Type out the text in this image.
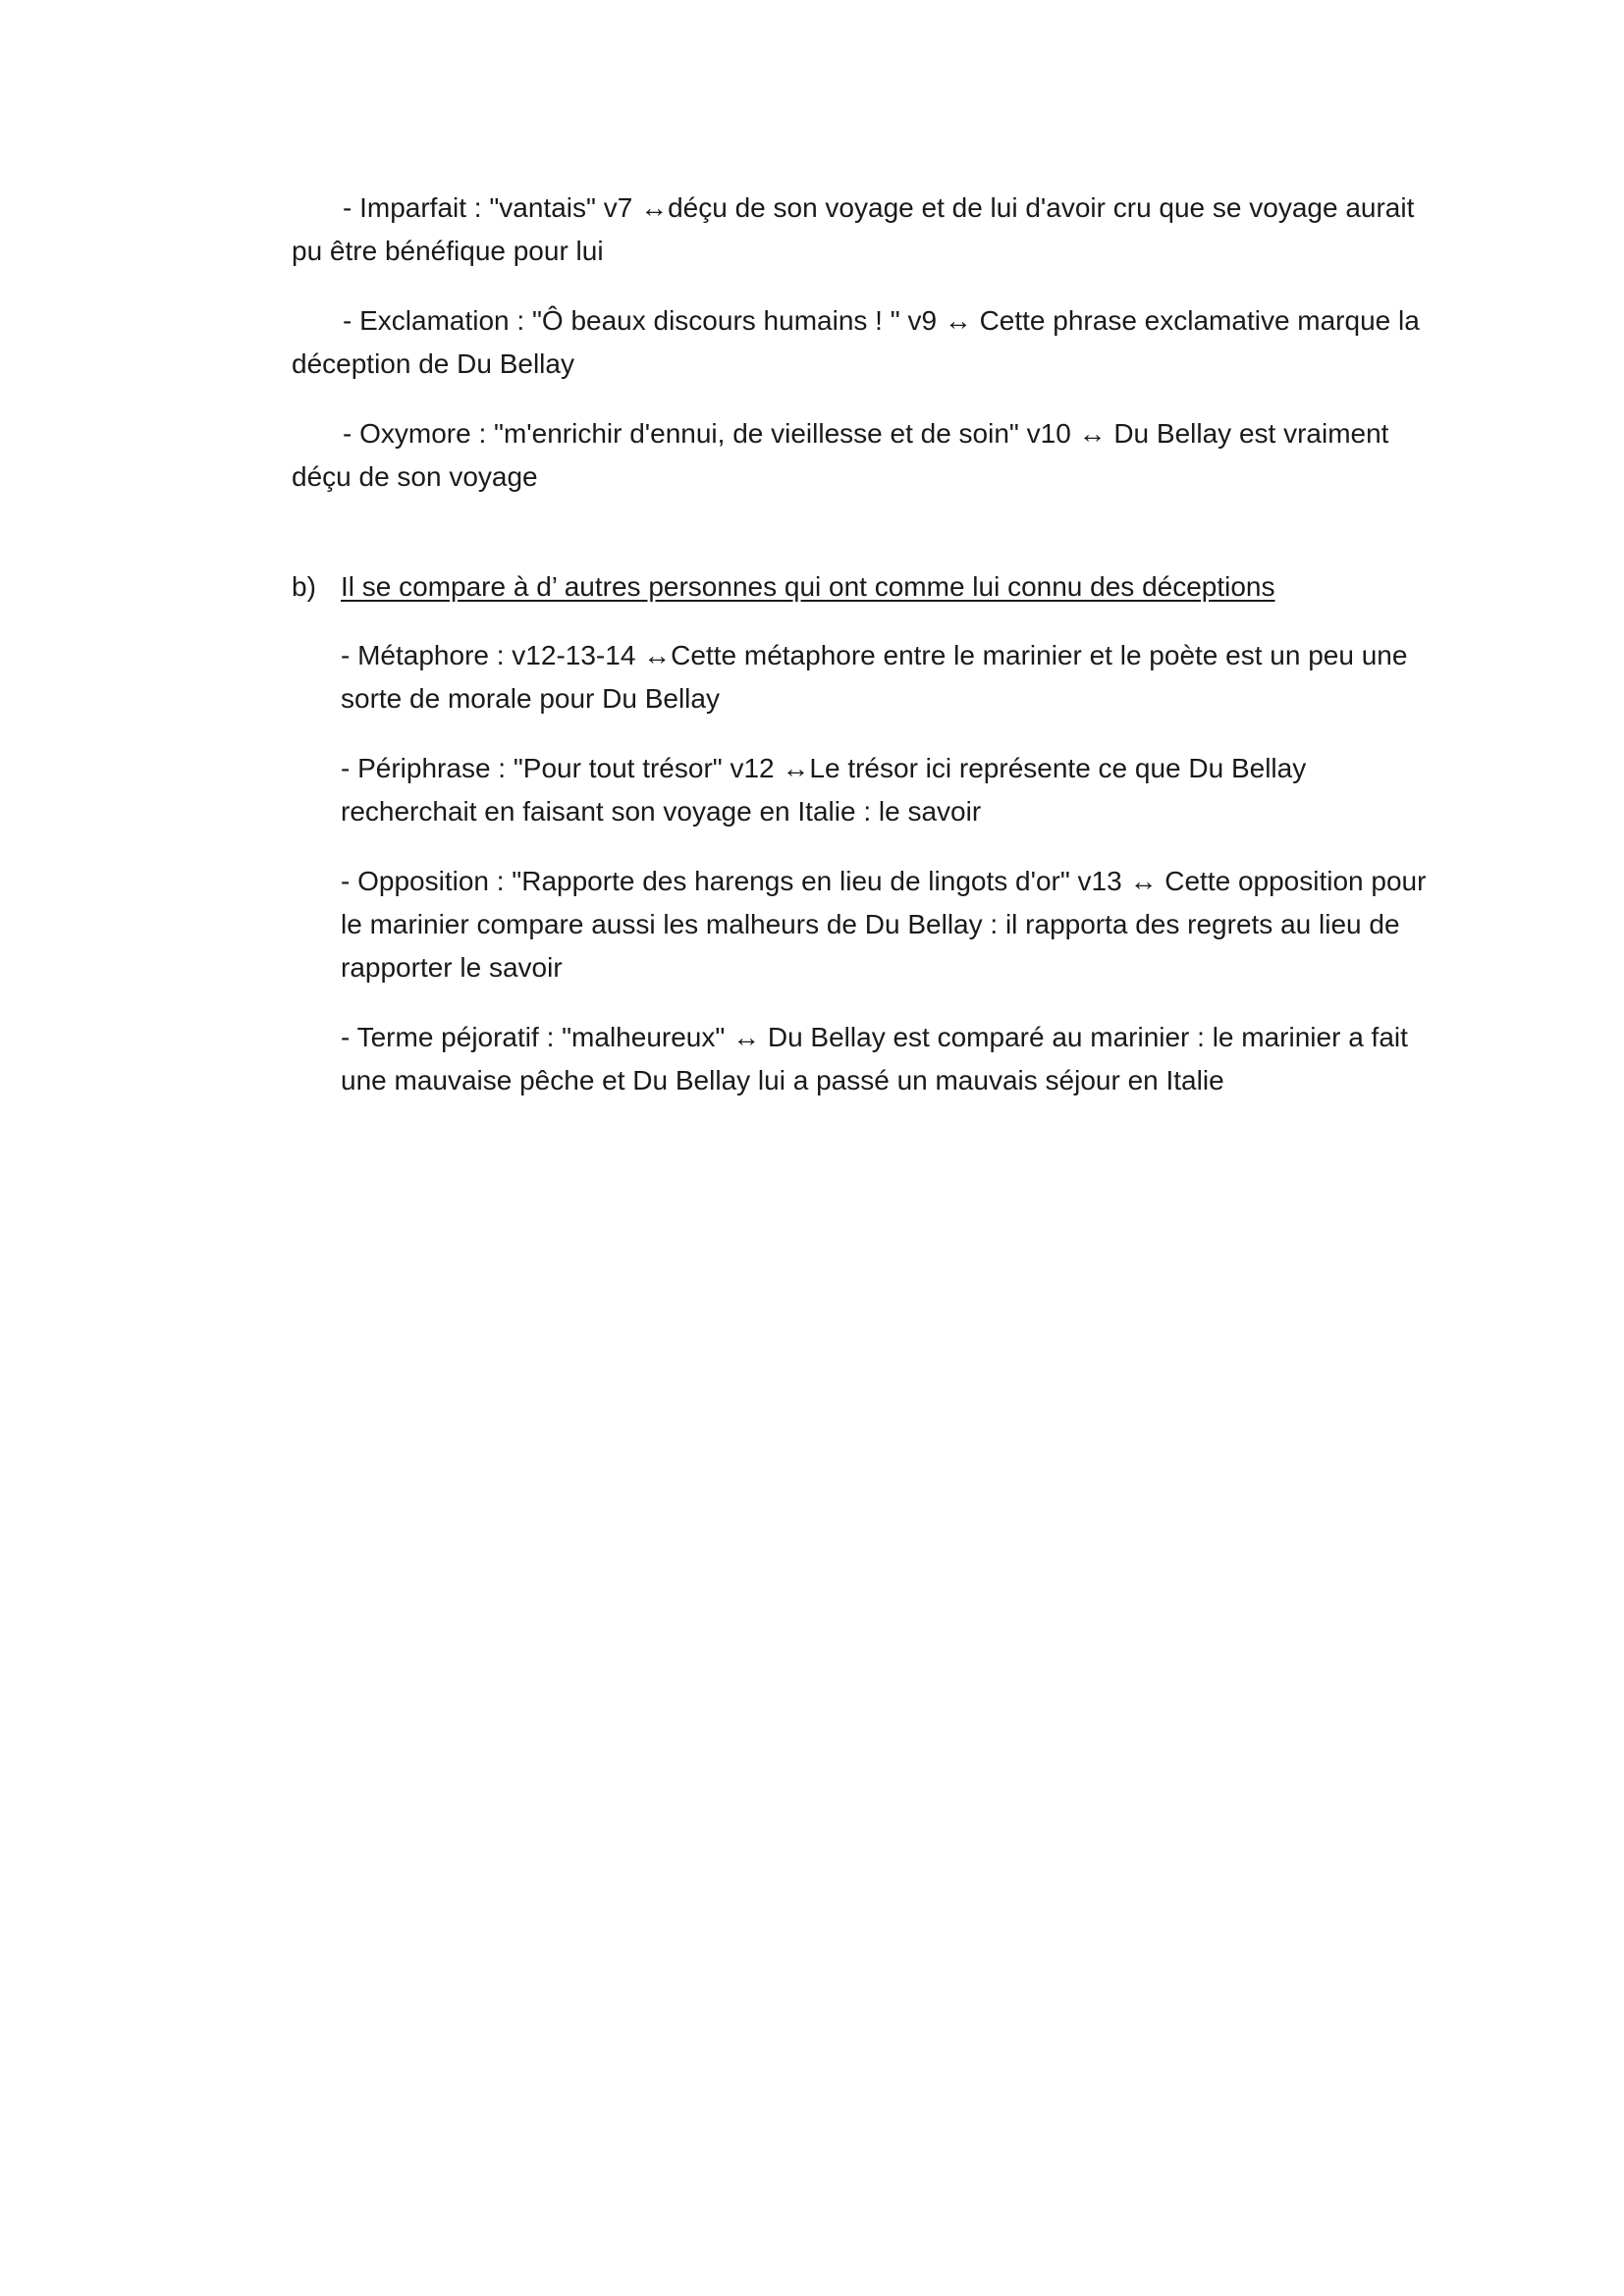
- Imparfait : "vantais" v7 ↔déçu de son voyage et de lui d'avoir cru que se voyage aurait pu être bénéfique pour lui

- Exclamation : "Ô beaux discours humains ! " v9 ↔ Cette phrase exclamative marque la déception de Du Bellay

- Oxymore : "m'enrichir d'ennui, de vieillesse et de soin" v10 ↔ Du Bellay est vraiment déçu de son voyage

b) Il se compare à d’ autres personnes qui ont comme lui connu des déceptions

- Métaphore : v12-13-14 ↔Cette métaphore entre le marinier et le poète est un peu une sorte de morale pour Du Bellay

- Périphrase : "Pour tout trésor" v12 ↔Le trésor ici représente ce que Du Bellay recherchait en faisant son voyage en Italie : le savoir

- Opposition : "Rapporte des harengs en lieu de lingots d'or" v13 ↔ Cette opposition pour le marinier compare aussi les malheurs de Du Bellay : il rapporta des regrets au lieu de rapporter le savoir

- Terme péjoratif : "malheureux" ↔ Du Bellay est comparé au marinier : le marinier a fait une mauvaise pêche et Du Bellay lui a passé un mauvais séjour en Italie
